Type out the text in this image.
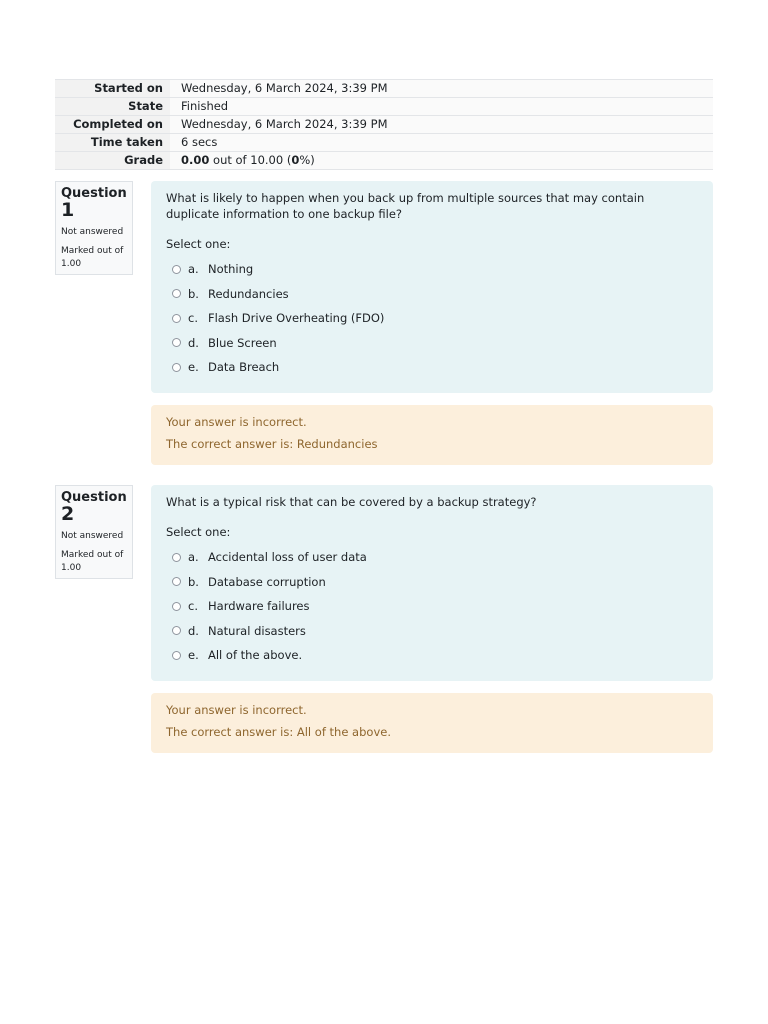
Started on	Wednesday, 6 March 2024, 3:39 PM
State	Finished
Completed on	Wednesday, 6 March 2024, 3:39 PM
Time taken	6 secs
Grade	0.00 out of 10.00 (0%)
Question
1
Not answered
Marked out of 1.00
What is likely to happen when you back up from multiple sources that may contain duplicate information to one backup file?
Select one:
a. Nothing
b. Redundancies
c. Flash Drive Overheating (FDO)
d. Blue Screen
e. Data Breach
Your answer is incorrect.
The correct answer is: Redundancies
Question
2
Not answered
Marked out of 1.00
What is a typical risk that can be covered by a backup strategy?
Select one:
a. Accidental loss of user data
b. Database corruption
c. Hardware failures
d. Natural disasters
e. All of the above.
Your answer is incorrect.
The correct answer is: All of the above.
